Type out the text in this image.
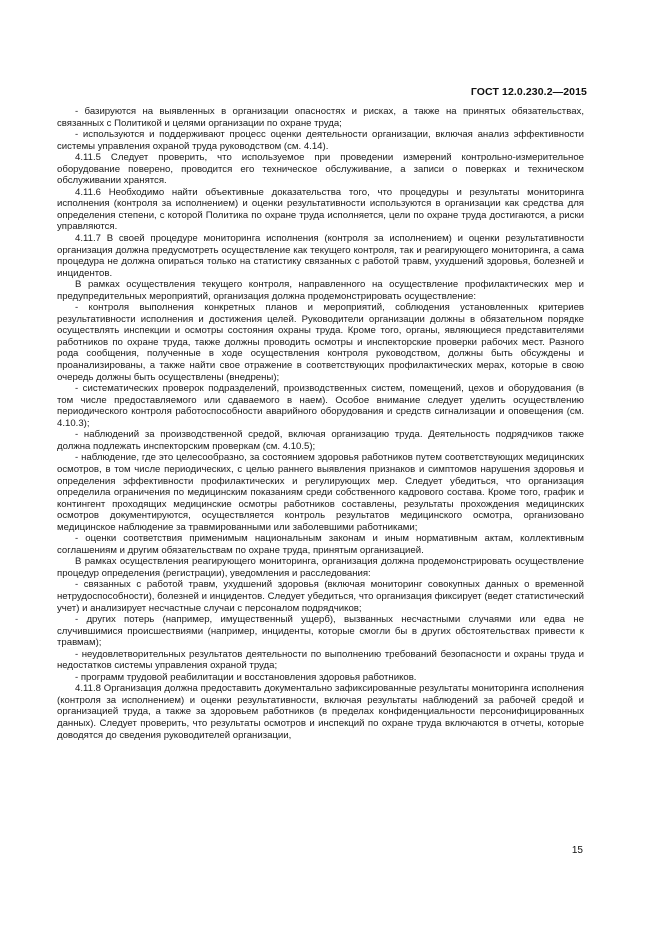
ГОСТ 12.0.230.2—2015

- базируются на выявленных в организации опасностях и рисках, а также на принятых обязательствах, связанных с Политикой и целями организации по охране труда;

- используются и поддерживают процесс оценки деятельности организации, включая анализ эффективности системы управления охраной труда руководством (см. 4.14).

4.11.5 Следует проверить, что используемое при проведении измерений контрольно-измерительное оборудование поверено, проводится его техническое обслуживание, а записи о поверках и техническом обслуживании хранятся.

4.11.6 Необходимо найти объективные доказательства того, что процедуры и результаты мониторинга исполнения (контроля за исполнением) и оценки результативности используются в организации как средства для определения степени, с которой Политика по охране труда исполняется, цели по охране труда достигаются, а риски управляются.

4.11.7 В своей процедуре мониторинга исполнения (контроля за исполнением) и оценки результативности организация должна предусмотреть осуществление как текущего контроля, так и реагирующего мониторинга, а сама процедура не должна опираться только на статистику связанных с работой травм, ухудшений здоровья, болезней и инцидентов.

В рамках осуществления текущего контроля, направленного на осуществление профилактических мер и предупредительных мероприятий, организация должна продемонстрировать осуществление:

- контроля выполнения конкретных планов и мероприятий, соблюдения установленных критериев результативности исполнения и достижения целей. Руководители организации должны в обязательном порядке осуществлять инспекции и осмотры состояния охраны труда. Кроме того, органы, являющиеся представителями работников по охране труда, также должны проводить осмотры и инспекторские проверки рабочих мест. Разного рода сообщения, полученные в ходе осуществления контроля руководством, должны быть обсуждены и проанализированы, а также найти свое отражение в соответствующих профилактических мерах, которые в свою очередь должны быть осуществлены (внедрены);

- систематических проверок подразделений, производственных систем, помещений, цехов и оборудования (в том числе предоставляемого или сдаваемого в наем). Особое внимание следует уделить осуществлению периодического контроля работоспособности аварийного оборудования и средств сигнализации и оповещения (см. 4.10.3);

- наблюдений за производственной средой, включая организацию труда. Деятельность подрядчиков также должна подлежать инспекторским проверкам (см. 4.10.5);

- наблюдение, где это целесообразно, за состоянием здоровья работников путем соответствующих медицинских осмотров, в том числе периодических, с целью раннего выявления признаков и симптомов нарушения здоровья и определения эффективности профилактических и регулирующих мер. Следует убедиться, что организация определила ограничения по медицинским показаниям среди собственного кадрового состава. Кроме того, график и контингент проходящих медицинские осмотры работников составлены, результаты прохождения медицинских осмотров документируются, осуществляется контроль результатов медицинского осмотра, организовано медицинское наблюдение за травмированными или заболевшими работниками;

- оценки соответствия применимым национальным законам и иным нормативным актам, коллективным соглашениям и другим обязательствам по охране труда, принятым организацией.

В рамках осуществления реагирующего мониторинга, организация должна продемонстрировать осуществление процедур определения (регистрации), уведомления и расследования:

- связанных с работой травм, ухудшений здоровья (включая мониторинг совокупных данных о временной нетрудоспособности), болезней и инцидентов. Следует убедиться, что организация фиксирует (ведет статистический учет) и анализирует несчастные случаи с персоналом подрядчиков;

- других потерь (например, имущественный ущерб), вызванных несчастными случаями или едва не случившимися происшествиями (например, инциденты, которые смогли бы в других обстоятельствах привести к травмам);

- неудовлетворительных результатов деятельности по выполнению требований безопасности и охраны труда и недостатков системы управления охраной труда;

- программ трудовой реабилитации и восстановления здоровья работников.

4.11.8 Организация должна предоставить документально зафиксированные результаты мониторинга исполнения (контроля за исполнением) и оценки результативности, включая результаты наблюдений за рабочей средой и организацией труда, а также за здоровьем работников (в пределах конфиденциальности персонифицированных данных). Следует проверить, что результаты осмотров и инспекций по охране труда включаются в отчеты, которые доводятся до сведения руководителей организации,

15
